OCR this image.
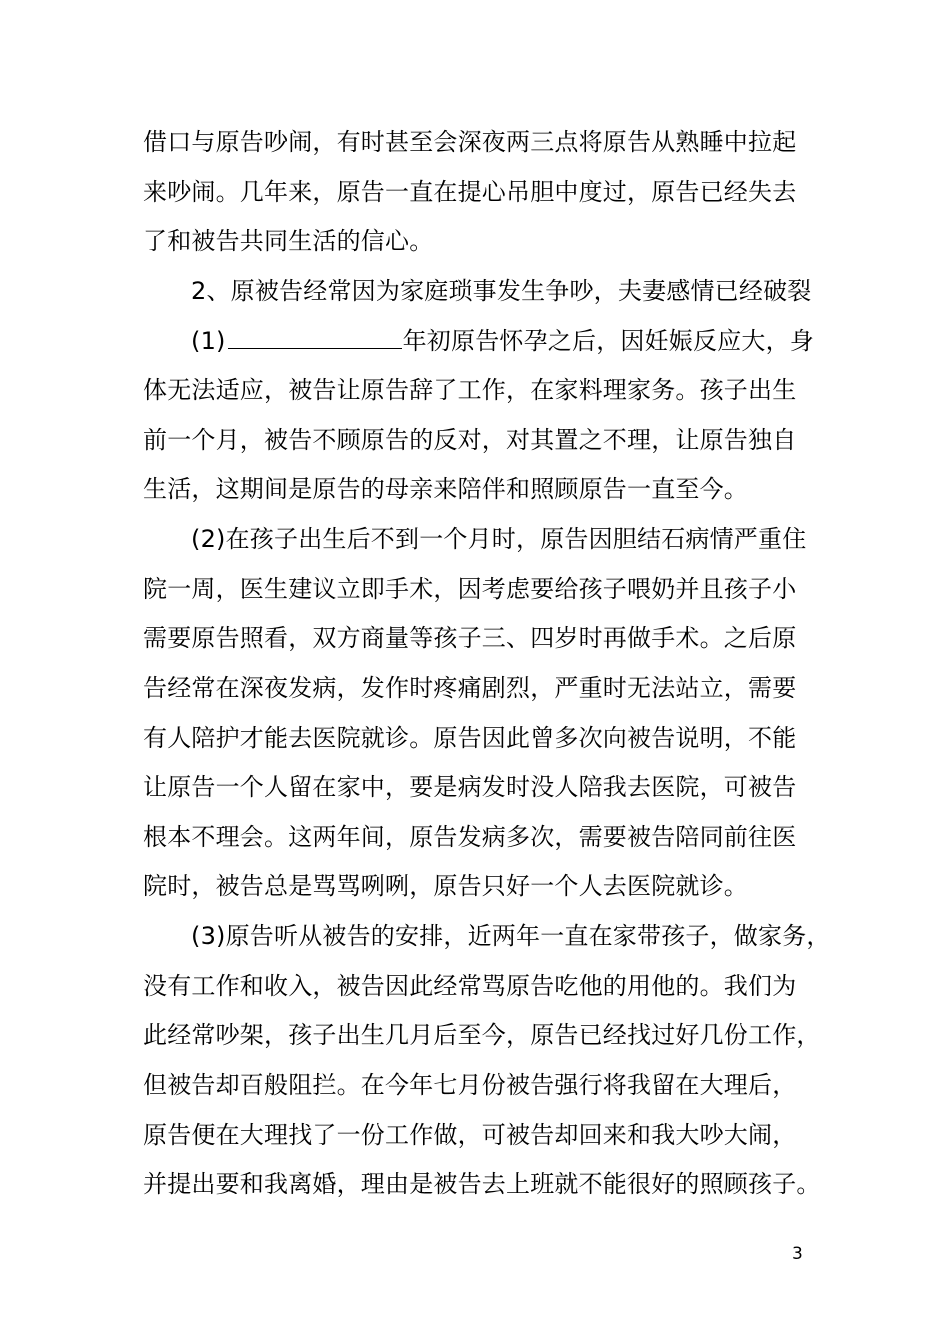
借口与原告吵闹，有时甚至会深夜两三点将原告从熟睡中拉起
来吵闹。几年来，原告一直在提心吊胆中度过，原告已经失去
了和被告共同生活的信心。
2、原被告经常因为家庭琐事发生争吵，夫妻感情已经破裂
(1)	年初原告怀孕之后，因妊娠反应大，身
体无法适应，被告让原告辞了工作，在家料理家务。孩子出生
前一个月，被告不顾原告的反对，对其置之不理，让原告独自
生活，这期间是原告的母亲来陪伴和照顾原告一直至今。
(2)在孩子出生后不到一个月时，原告因胆结石病情严重住
院一周，医生建议立即手术，因考虑要给孩子喂奶并且孩子小
需要原告照看，双方商量等孩子三、四岁时再做手术。之后原
告经常在深夜发病，发作时疼痛剧烈，严重时无法站立，需要
有人陪护才能去医院就诊。原告因此曾多次向被告说明，不能
让原告一个人留在家中，要是病发时没人陪我去医院，可被告
根本不理会。这两年间，原告发病多次，需要被告陪同前往医
院时，被告总是骂骂咧咧，原告只好一个人去医院就诊。
(3)原告听从被告的安排，近两年一直在家带孩子，做家务，
没有工作和收入，被告因此经常骂原告吃他的用他的。我们为
此经常吵架，孩子出生几月后至今，原告已经找过好几份工作，
但被告却百般阻拦。在今年七月份被告强行将我留在大理后，
原告便在大理找了一份工作做，可被告却回来和我大吵大闹，
并提出要和我离婚，理由是被告去上班就不能很好的照顾孩子。
3
